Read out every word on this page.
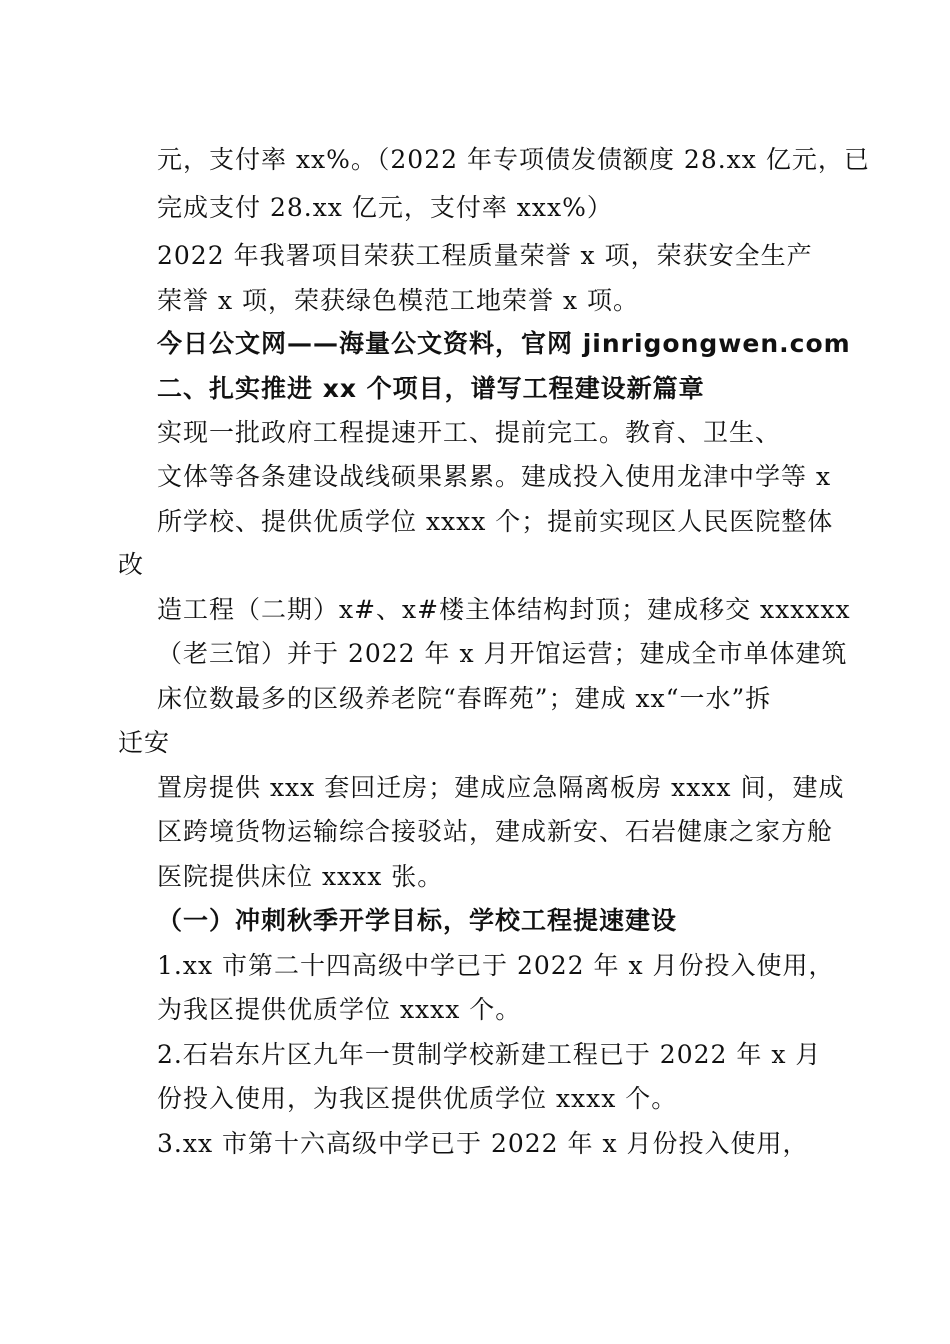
元，支付率 xx%。（2022 年专项债发债额度 28.xx 亿元，已
完成支付 28.xx 亿元，支付率 xxx%）
2022 年我署项目荣获工程质量荣誉 x 项，荣获安全生产
荣誉 x 项，荣获绿色模范工地荣誉 x 项。
今日公文网——海量公文资料，官网 jinrigongwen.com
二、扎实推进 xx 个项目，谱写工程建设新篇章
实现一批政府工程提速开工、提前完工。教育、卫生、
文体等各条建设战线硕果累累。建成投入使用龙津中学等 x
所学校、提供优质学位 xxxx 个；提前实现区人民医院整体
改
造工程（二期）x#、x#楼主体结构封顶；建成移交 xxxxxx
（老三馆）并于 2022 年 x 月开馆运营；建成全市单体建筑
床位数最多的区级养老院“春晖苑”；建成 xx“一水”拆
迁安
置房提供 xxx 套回迁房；建成应急隔离板房 xxxx 间，建成
区跨境货物运输综合接驳站，建成新安、石岩健康之家方舱
医院提供床位 xxxx 张。
（一）冲刺秋季开学目标，学校工程提速建设
1.xx 市第二十四高级中学已于 2022 年 x 月份投入使用，
为我区提供优质学位 xxxx 个。
2.石岩东片区九年一贯制学校新建工程已于 2022 年 x 月
份投入使用，为我区提供优质学位 xxxx 个。
3.xx 市第十六高级中学已于 2022 年 x 月份投入使用，
